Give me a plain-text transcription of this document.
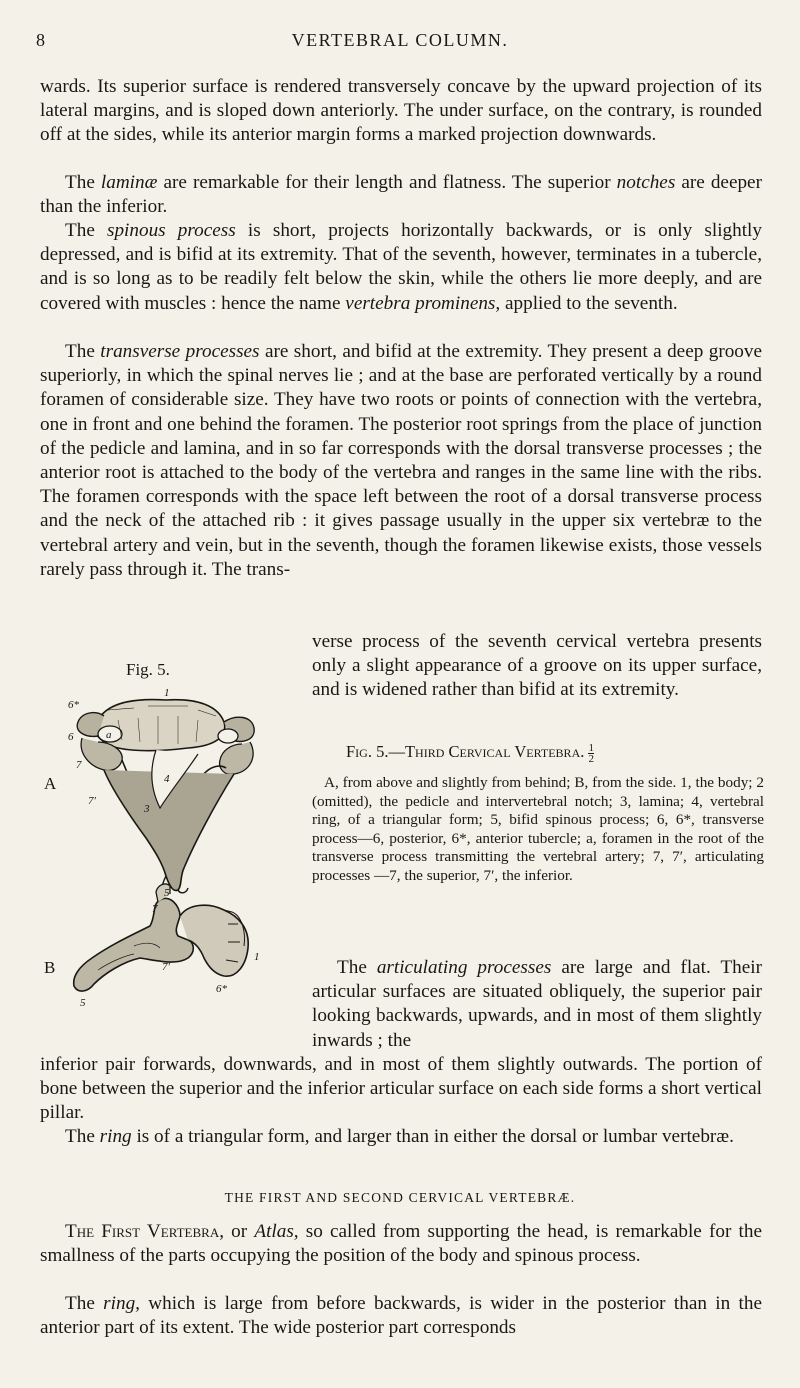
8	VERTEBRAL COLUMN.

wards. Its superior surface is rendered transversely concave by the upward projection of its lateral margins, and is sloped down anteriorly. The under surface, on the contrary, is rounded off at the sides, while its anterior margin forms a marked projection downwards.

The laminæ are remarkable for their length and flatness. The superior notches are deeper than the inferior.

The spinous process is short, projects horizontally backwards, or is only slightly depressed, and is bifid at its extremity. That of the seventh, however, terminates in a tubercle, and is so long as to be readily felt below the skin, while the others lie more deeply, and are covered with muscles : hence the name vertebra prominens, applied to the seventh.

The transverse processes are short, and bifid at the extremity. They present a deep groove superiorly, in which the spinal nerves lie ; and at the base are perforated vertically by a round foramen of considerable size. They have two roots or points of connection with the vertebra, one in front and one behind the foramen. The posterior root springs from the place of junction of the pedicle and lamina, and in so far corresponds with the dorsal transverse processes ; the anterior root is attached to the body of the vertebra and ranges in the same line with the ribs. The foramen corresponds with the space left between the root of a dorsal transverse process and the neck of the attached rib : it gives passage usually in the upper six vertebræ to the vertebral artery and vein, but in the seventh, though the foramen likewise exists, those vessels rarely pass through it. The trans-

verse process of the seventh cervical vertebra presents only a slight appearance of a groove on its upper surface, and is widened rather than bifid at its extremity.

Fig. 5.
A
B
1
6*
6	a
7
7′
3
4
5
7
7′
1
6*
5
Fig. 5.—Third Cervical Vertebra. $\frac{1}{2}$

A, from above and slightly from behind; B, from the side. 1, the body; 2 (omitted), the pedicle and intervertebral notch; 3, lamina; 4, vertebral ring, of a triangular form; 5, bifid spinous process; 6, 6*, transverse process—6, posterior, 6*, anterior tubercle; a, foramen in the root of the transverse process transmitting the vertebral artery; 7, 7′, articulating processes —7, the superior, 7′, the inferior.

The articulating processes are large and flat. Their articular surfaces are situated obliquely, the superior pair looking backwards, upwards, and in most of them slightly inwards ; the

inferior pair forwards, downwards, and in most of them slightly outwards. The portion of bone between the superior and the inferior articular surface on each side forms a short vertical pillar.

The ring is of a triangular form, and larger than in either the dorsal or lumbar vertebræ.

THE FIRST AND SECOND CERVICAL VERTEBRÆ.

The First Vertebra, or Atlas, so called from supporting the head, is remarkable for the smallness of the parts occupying the position of the body and spinous process.

The ring, which is large from before backwards, is wider in the posterior than in the anterior part of its extent. The wide posterior part corresponds
